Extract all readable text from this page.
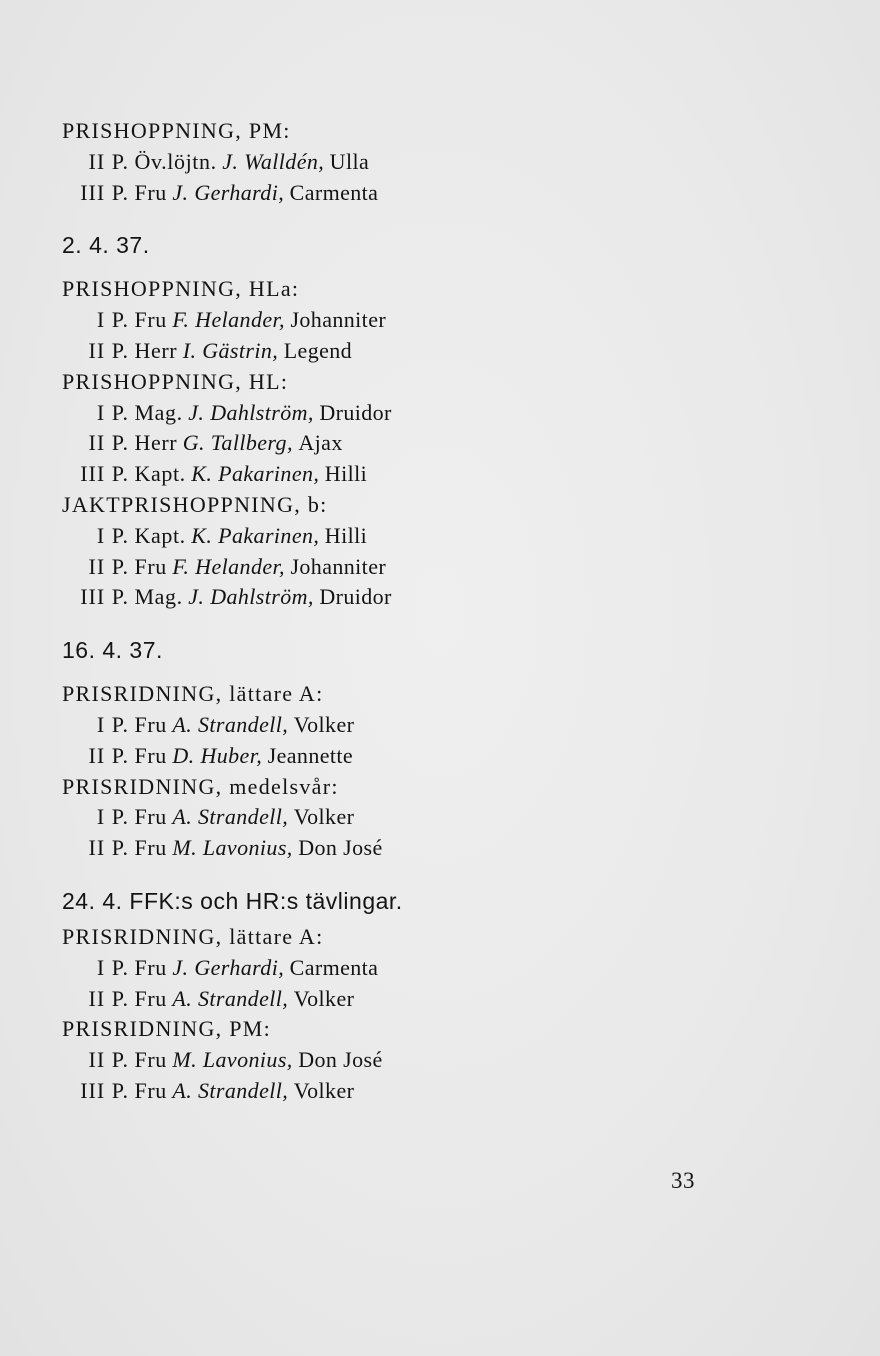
PRISHOPPNING, PM:
II P. Öv.löjtn. J. Walldén, Ulla
III P. Fru J. Gerhardi, Carmenta
2. 4. 37.
PRISHOPPNING, HLa:
I P. Fru F. Helander, Johanniter
II P. Herr I. Gästrin, Legend
PRISHOPPNING, HL:
I P. Mag. J. Dahlström, Druidor
II P. Herr G. Tallberg, Ajax
III P. Kapt. K. Pakarinen, Hilli
JAKTPRISHOPPNING, b:
I P. Kapt. K. Pakarinen, Hilli
II P. Fru F. Helander, Johanniter
III P. Mag. J. Dahlström, Druidor
16. 4. 37.
PRISRIDNING, lättare A:
I P. Fru A. Strandell, Volker
II P. Fru D. Huber, Jeannette
PRISRIDNING, medelsvår:
I P. Fru A. Strandell, Volker
II P. Fru M. Lavonius, Don José
24. 4. FFK:s och HR:s tävlingar.
PRISRIDNING, lättare A:
I P. Fru J. Gerhardi, Carmenta
II P. Fru A. Strandell, Volker
PRISRIDNING, PM:
II P. Fru M. Lavonius, Don José
III P. Fru A. Strandell, Volker
33
